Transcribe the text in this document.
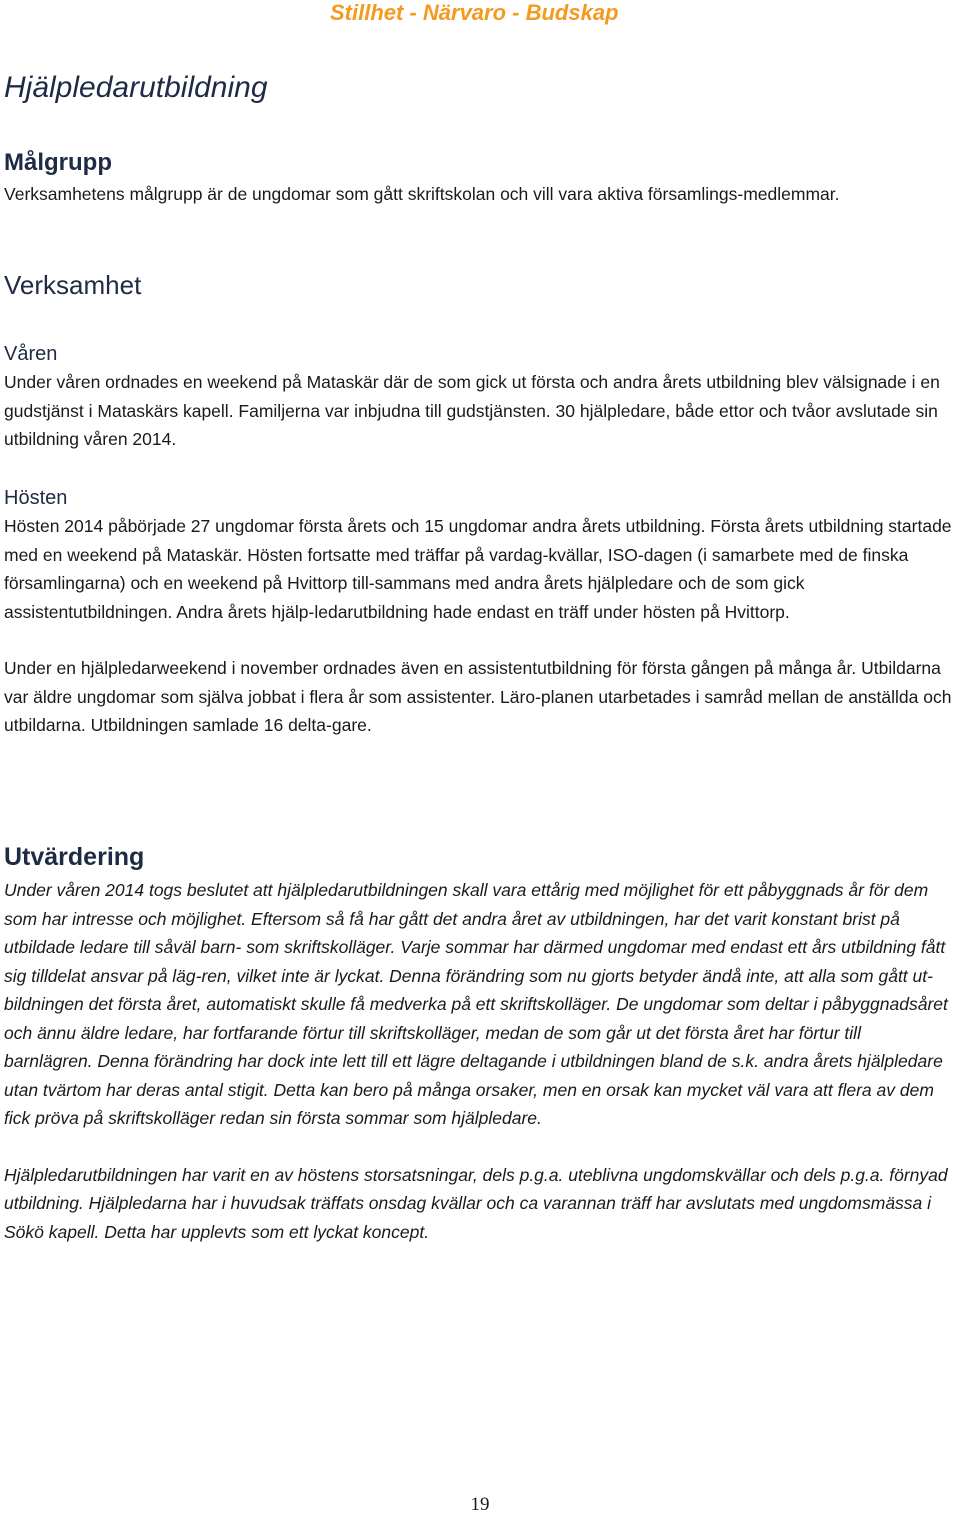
Stillhet - Närvaro - Budskap
Hjälpledarutbildning
Målgrupp

Verksamhetens målgrupp är de ungdomar som gått skriftskolan och vill vara aktiva församlings-medlemmar.

Verksamhet
Våren

Under våren ordnades en weekend på Mataskär där de som gick ut första och andra årets utbildning blev välsignade i en gudstjänst i Mataskärs kapell. Familjerna var inbjudna till gudstjänsten. 30 hjälpledare, både ettor och tvåor avslutade sin utbildning våren 2014.

Hösten

Hösten 2014 påbörjade 27 ungdomar första årets och 15 ungdomar andra årets utbildning. Första årets utbildning startade med en weekend på Mataskär. Hösten fortsatte med träffar på vardag-kvällar, ISO-dagen (i samarbete med de finska församlingarna) och en weekend på Hvittorp till-sammans med andra årets hjälpledare och de som gick assistentutbildningen. Andra årets hjälp-ledarutbildning hade endast en träff under hösten på Hvittorp.

Under en hjälpledarweekend i november ordnades även en assistentutbildning för första gången på många år. Utbildarna var äldre ungdomar som själva jobbat i flera år som assistenter. Läro-planen utarbetades i samråd mellan de anställda och utbildarna. Utbildningen samlade 16 delta-gare.

Utvärdering

Under våren 2014 togs beslutet att hjälpledarutbildningen skall vara ettårig med möjlighet för ett påbyggnads år för dem som har intresse och möjlighet. Eftersom så få har gått det andra året av utbildningen, har det varit konstant brist på utbildade ledare till såväl barn- som skriftskolläger. Varje sommar har därmed ungdomar med endast ett års utbildning fått sig tilldelat ansvar på läg-ren, vilket inte är lyckat. Denna förändring som nu gjorts betyder ändå inte, att alla som gått ut-bildningen det första året, automatiskt skulle få medverka på ett skriftskolläger. De ungdomar som deltar i påbyggnadsåret och ännu äldre ledare, har fortfarande förtur till skriftskolläger, medan de som går ut det första året har förtur till barnlägren. Denna förändring har dock inte lett till ett lägre deltagande i utbildningen bland de s.k. andra årets hjälpledare utan tvärtom har deras antal stigit. Detta kan bero på många orsaker, men en orsak kan mycket väl vara att flera av dem fick pröva på skriftskolläger redan sin första sommar som hjälpledare.

Hjälpledarutbildningen har varit en av höstens storsatsningar, dels p.g.a. uteblivna ungdomskvällar och dels p.g.a. förnyad utbildning. Hjälpledarna har i huvudsak träffats onsdag kvällar och ca varannan träff har avslutats med ungdomsmässa i Sökö kapell. Detta har upplevts som ett lyckat koncept.

19
